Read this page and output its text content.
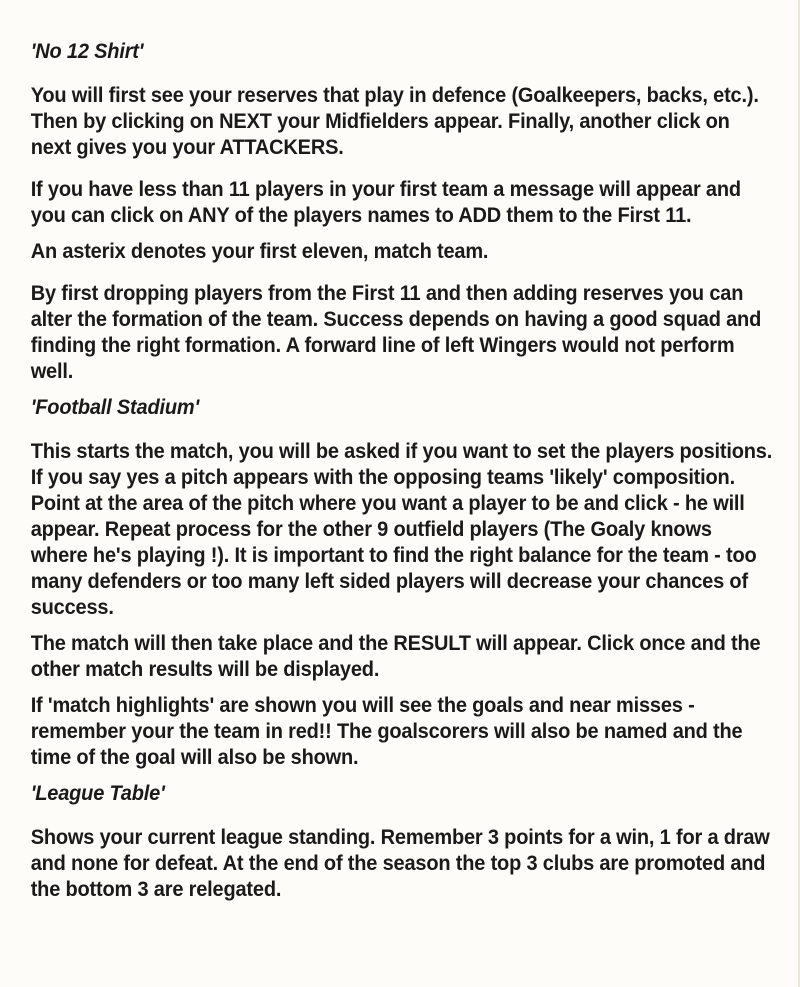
'No 12 Shirt'
You will first see your reserves that play in defence (Goalkeepers, backs, etc.). Then by clicking on NEXT your Midfielders appear. Finally, another click on next gives you your ATTACKERS.
If you have less than 11 players in your first team a message will appear and you can click on ANY of the players names to ADD them to the First 11.
An asterix denotes your first eleven, match team.
By first dropping players from the First 11 and then adding reserves you can alter the formation of the team. Success depends on having a good squad and finding the right formation. A forward line of left Wingers would not perform well.
'Football Stadium'
This starts the match, you will be asked if you want to set the players positions. If you say yes a pitch appears with the opposing teams 'likely' composition. Point at the area of the pitch where you want a player to be and click - he will appear. Repeat process for the other 9 outfield players (The Goaly knows where he's playing !). It is important to find the right balance for the team - too many defenders or too many left sided players will decrease your chances of success.
The match will then take place and the RESULT will appear. Click once and the other match results will be displayed.
If 'match highlights' are shown you will see the goals and near misses - remember your the team in red!! The goalscorers will also be named and the time of the goal will also be shown.
'League Table'
Shows your current league standing. Remember 3 points for a win, 1 for a draw and none for defeat. At the end of the season the top 3 clubs are promoted and the bottom 3 are relegated.
